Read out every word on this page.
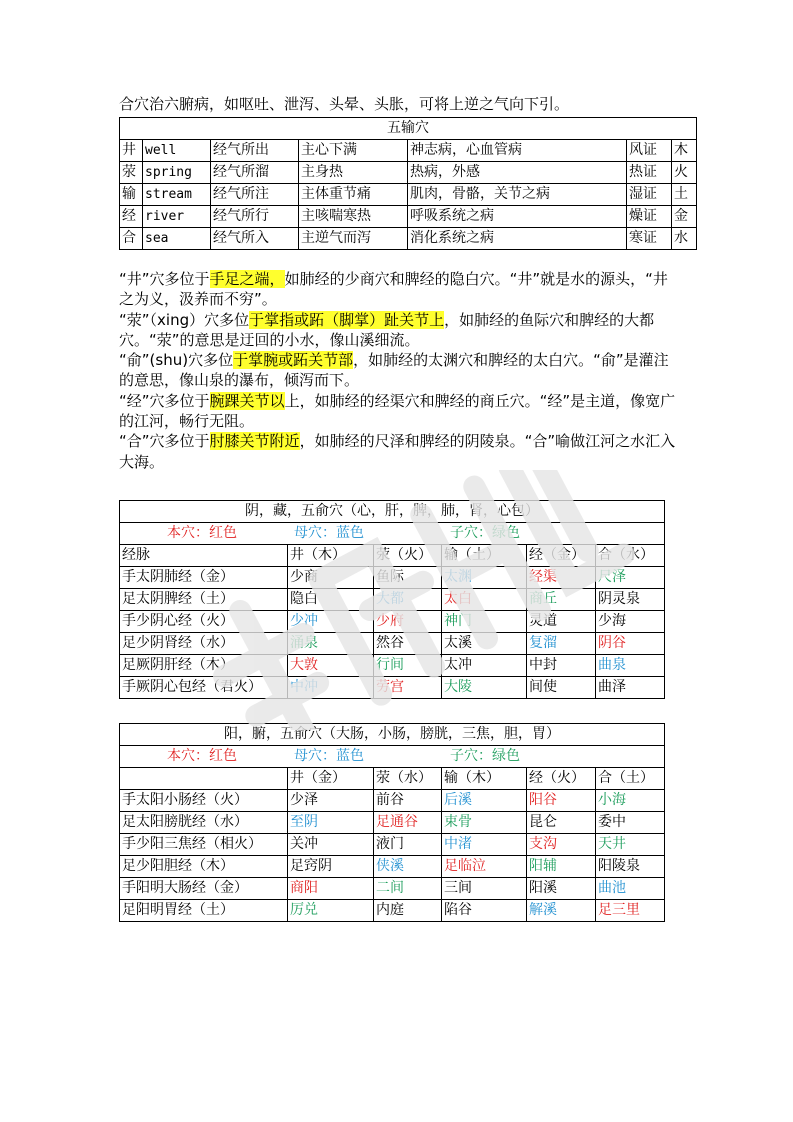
合穴治六腑病，如呕吐、泄泻、头晕、头胀，可将上逆之气向下引。
五输穴						
井	well	经气所出	主心下满	神志病，心血管病	风证	木
荥	spring	经气所溜	主身热	热病，外感	热证	火
输	stream	经气所注	主体重节痛	肌肉，骨骼，关节之病	湿证	土
经	river	经气所行	主咳喘寒热	呼吸系统之病	燥证	金
合	sea	经气所入	主逆气而泻	消化系统之病	寒证	水

“井”穴多位于手足之端，如肺经的少商穴和脾经的隐白穴。“井”就是水的源头，“井之为义，汲养而不穷”。

“荥”（xing）穴多位于掌指或跖（脚掌）趾关节上，如肺经的鱼际穴和脾经的大都穴。“荥”的意思是迂回的小水，像山溪细流。

“俞”(shu)穴多位于掌腕或跖关节部，如肺经的太渊穴和脾经的太白穴。“俞”是灌注的意思，像山泉的瀑布，倾泻而下。

“经”穴多位于腕踝关节以上，如肺经的经渠穴和脾经的商丘穴。“经”是主道，像宽广的江河，畅行无阻。

“合”穴多位于肘膝关节附近，如肺经的尺泽和脾经的阴陵泉。“合”喻做江河之水汇入大海。

阴，藏，五俞穴（心，肝，脾，肺，肾，心包）					

本穴：红色 母穴：蓝色 子穴：绿色					

经脉	井（木）	荥（火）	输（土）	经（金）	合（水）
手太阴肺经（金）	少商	鱼际	太渊	经渠	尺泽
足太阴脾经（土）	隐白	大都	太白	商丘	阴灵泉
手少阴心经（火）	少冲	少府	神门	灵道	少海
足少阴肾经（水）	涌泉	然谷	太溪	复溜	阴谷
足厥阴肝经（木）	大敦	行间	太冲	中封	曲泉
手厥阴心包经（君火）	中冲	劳宫	大陵	间使	曲泽
阳，腑，五俞穴（大肠，小肠，膀胱，三焦，胆，胃）					

本穴：红色 母穴：蓝色 子穴：绿色					

	井（金）	荥（水）	输（木）	经（火）	合（土）
手太阳小肠经（火）	少泽	前谷	后溪	阳谷	小海
足太阳膀胱经（水）	至阴	足通谷	束骨	昆仑	委中
手少阳三焦经（相火）	关冲	液门	中渚	支沟	天井
足少阳胆经（木）	足窍阴	侠溪	足临泣	阳辅	阳陵泉
手阳明大肠经（金）	商阳	二间	三间	阳溪	曲池
足阳明胃经（土）	厉兑	内庭	陷谷	解溪	足三里
